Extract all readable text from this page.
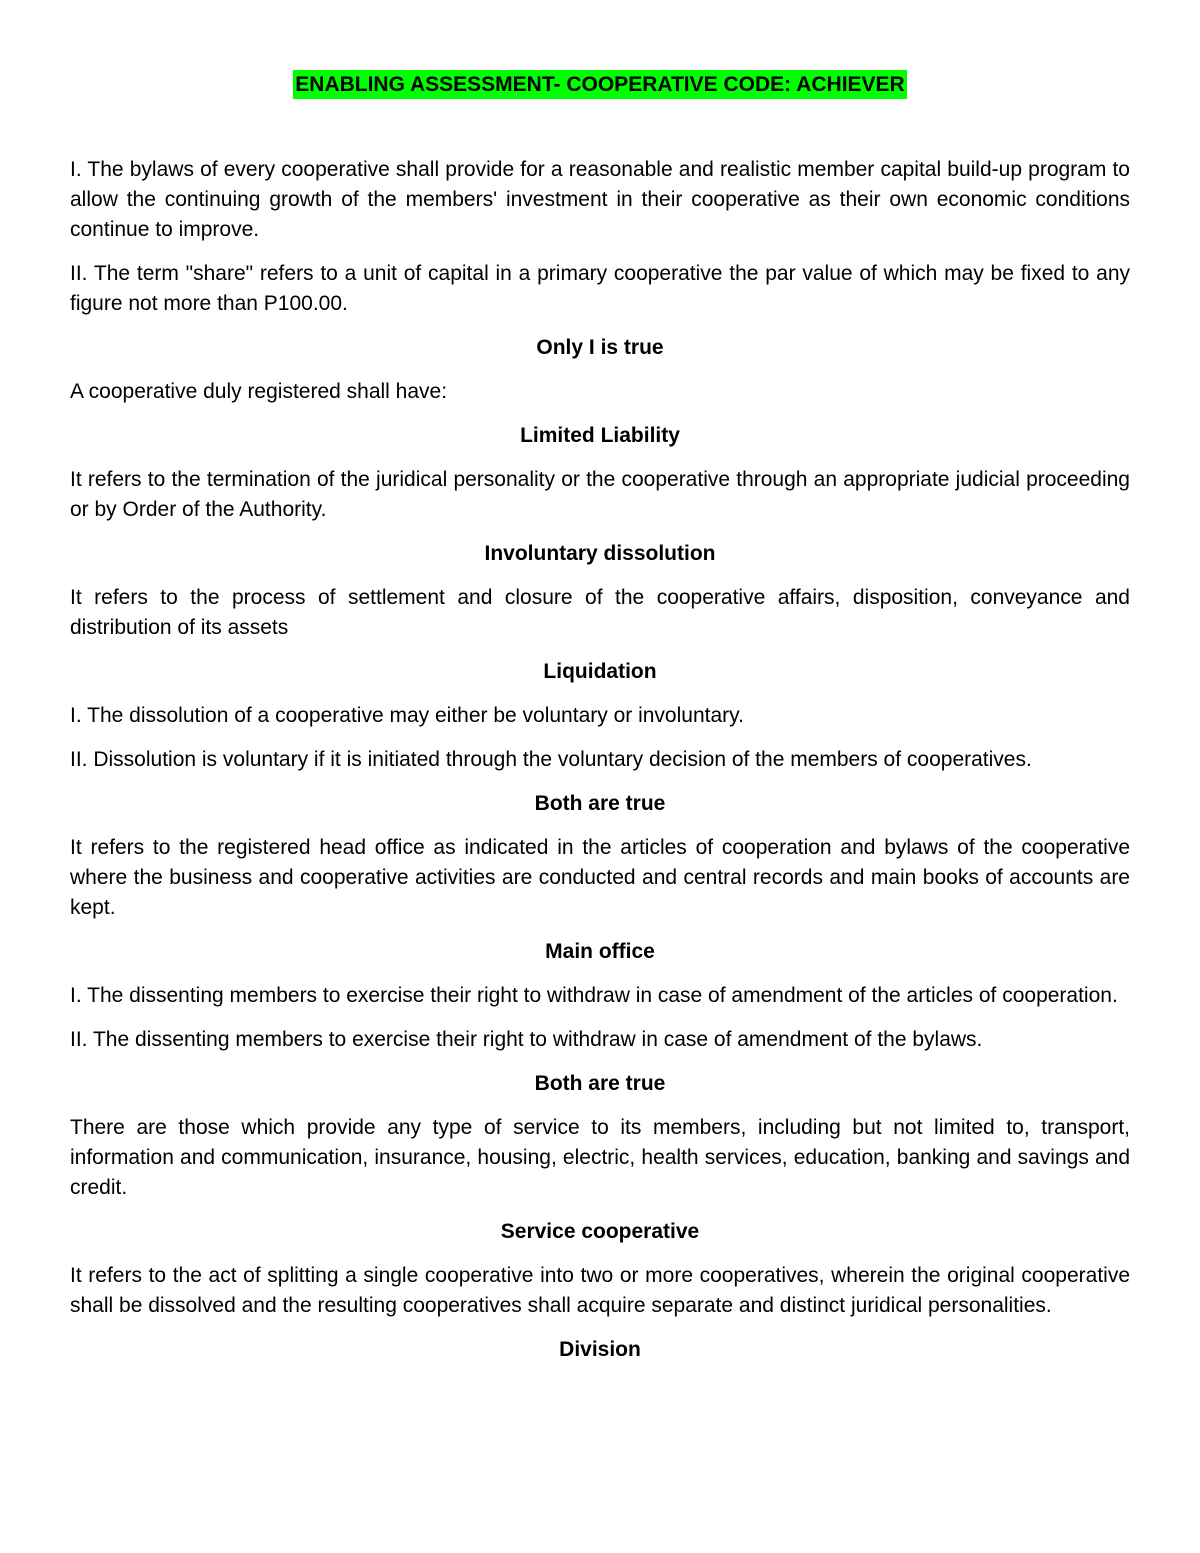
ENABLING ASSESSMENT- COOPERATIVE CODE: ACHIEVER

I. The bylaws of every cooperative shall provide for a reasonable and realistic member capital build-up program to allow the continuing growth of the members' investment in their cooperative as their own economic conditions continue to improve.

II. The term "share" refers to a unit of capital in a primary cooperative the par value of which may be fixed to any figure not more than P100.00.

Only I is true

A cooperative duly registered shall have:

Limited Liability

It refers to the termination of the juridical personality or the cooperative through an appropriate judicial proceeding or by Order of the Authority.

Involuntary dissolution

It refers to the process of settlement and closure of the cooperative affairs, disposition, conveyance and distribution of its assets

Liquidation

I. The dissolution of a cooperative may either be voluntary or involuntary.

II. Dissolution is voluntary if it is initiated through the voluntary decision of the members of cooperatives.

Both are true

It refers to the registered head office as indicated in the articles of cooperation and bylaws of the cooperative where the business and cooperative activities are conducted and central records and main books of accounts are kept.

Main office

I. The dissenting members to exercise their right to withdraw in case of amendment of the articles of cooperation.

II. The dissenting members to exercise their right to withdraw in case of amendment of the bylaws.

Both are true

There are those which provide any type of service to its members, including but not limited to, transport, information and communication, insurance, housing, electric, health services, education, banking and savings and credit.

Service cooperative

It refers to the act of splitting a single cooperative into two or more cooperatives, wherein the original cooperative shall be dissolved and the resulting cooperatives shall acquire separate and distinct juridical personalities.

Division
